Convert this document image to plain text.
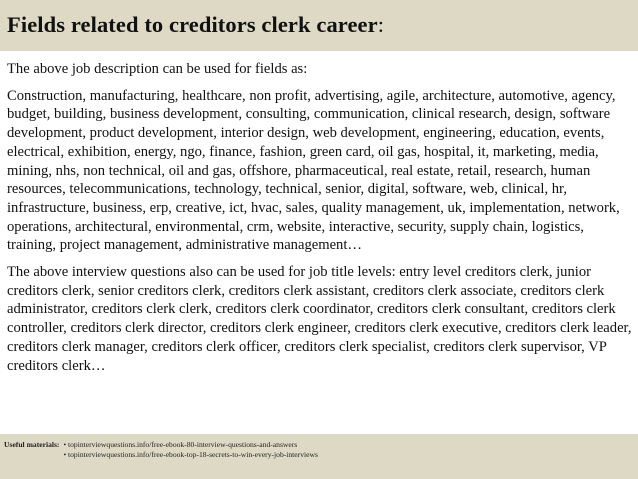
Fields related to creditors clerk career:

The above job description can be used for fields as:

Construction, manufacturing, healthcare, non profit, advertising, agile, architecture, automotive, agency, budget, building, business development, consulting, communication, clinical research, design, software development, product development, interior design, web development, engineering, education, events, electrical, exhibition, energy, ngo, finance, fashion, green card, oil gas, hospital, it, marketing, media, mining, nhs, non technical, oil and gas, offshore, pharmaceutical, real estate, retail, research, human resources, telecommunications, technology, technical, senior, digital, software, web, clinical, hr, infrastructure, business, erp, creative, ict, hvac, sales, quality management, uk, implementation, network, operations, architectural, environmental, crm, website, interactive, security, supply chain, logistics, training, project management, administrative management…

The above interview questions also can be used for job title levels: entry level creditors clerk, junior creditors clerk, senior creditors clerk, creditors clerk assistant, creditors clerk associate, creditors clerk administrator, creditors clerk clerk, creditors clerk coordinator, creditors clerk consultant, creditors clerk controller, creditors clerk director, creditors clerk engineer, creditors clerk executive, creditors clerk leader, creditors clerk manager, creditors clerk officer, creditors clerk specialist, creditors clerk supervisor, VP creditors clerk…

Useful materials: • topinterviewquestions.info/free-ebook-80-interview-questions-and-answers
• topinterviewquestions.info/free-ebook-top-18-secrets-to-win-every-job-interviews
